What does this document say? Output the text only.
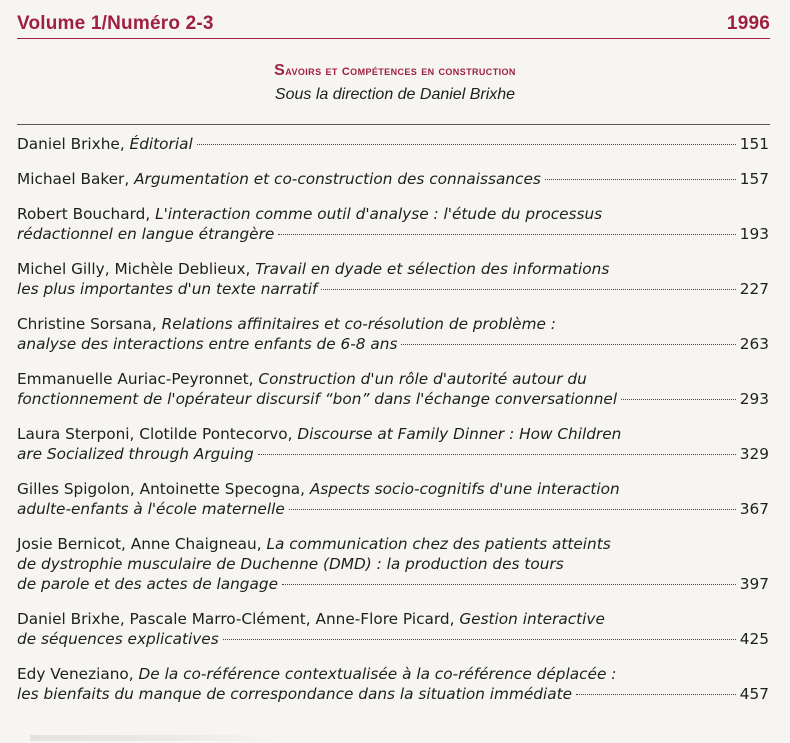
Volume 1/Numéro 2-3	1996
Savoirs et compétences en construction
Sous la direction de Daniel Brixhe
Daniel Brixhe, Éditorial	151
Michael Baker, Argumentation et co-construction des connaissances	157
Robert Bouchard, L'interaction comme outil d'analyse : l'étude du processus
rédactionnel en langue étrangère	193
Michel Gilly, Michèle Deblieux, Travail en dyade et sélection des informations
les plus importantes d'un texte narratif	227
Christine Sorsana, Relations affinitaires et co-résolution de problème :
analyse des interactions entre enfants de 6-8 ans	263
Emmanuelle Auriac-Peyronnet, Construction d'un rôle d'autorité autour du
fonctionnement de l'opérateur discursif “bon” dans l'échange conversationnel	293
Laura Sterponi, Clotilde Pontecorvo, Discourse at Family Dinner : How Children
are Socialized through Arguing	329
Gilles Spigolon, Antoinette Specogna, Aspects socio-cognitifs d'une interaction
adulte-enfants à l'école maternelle	367
Josie Bernicot, Anne Chaigneau, La communication chez des patients atteints
de dystrophie musculaire de Duchenne (DMD) : la production des tours
de parole et des actes de langage	397
Daniel Brixhe, Pascale Marro-Clément, Anne-Flore Picard, Gestion interactive
de séquences explicatives	425
Edy Veneziano, De la co-référence contextualisée à la co-référence déplacée :
les bienfaits du manque de correspondance dans la situation immédiate	457
